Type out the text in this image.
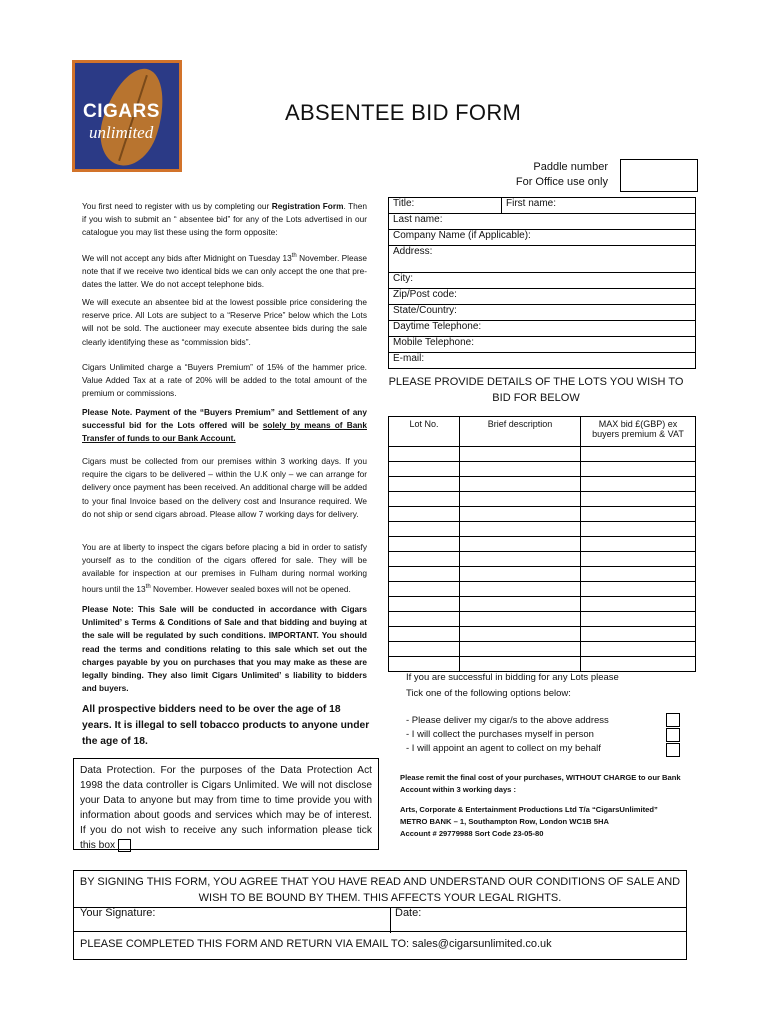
CIGARS
unlimited
ABSENTEE BID FORM
Paddle number
For Office use only
You first need to register with us by completing our Registration Form. Then if you wish to submit an “ absentee bid” for any of the Lots advertised in our catalogue you may list these using the form opposite:
We will not accept any bids after Midnight on Tuesday 13th November. Please note that if we receive two identical bids we can only accept the one that pre-dates the latter. We do not accept telephone bids.
We will execute an absentee bid at the lowest possible price considering the reserve price. All Lots are subject to a “Reserve Price” below which the Lots will not be sold. The auctioneer may execute absentee bids during the sale clearly identifying these as “commission bids”.
Cigars Unlimited charge a “Buyers Premium” of 15% of the hammer price. Value Added Tax at a rate of 20% will be added to the total amount of the premium or commissions.
Please Note. Payment of the “Buyers Premium” and Settlement of any successful bid for the Lots offered will be solely by means of Bank Transfer of funds to our Bank Account.
Cigars must be collected from our premises within 3 working days. If you require the cigars to be delivered – within the U.K only – we can arrange for delivery once payment has been received. An additional charge will be added to your final Invoice based on the delivery cost and Insurance required. We do not ship or send cigars abroad. Please allow 7 working days for delivery.
You are at liberty to inspect the cigars before placing a bid in order to satisfy yourself as to the condition of the cigars offered for sale. They will be available for inspection at our premises in Fulham during normal working hours until the 13th November. However sealed boxes will not be opened.
Please Note: This Sale will be conducted in accordance with Cigars Unlimited’ s Terms & Conditions of Sale and that bidding and buying at the sale will be regulated by such conditions. IMPORTANT. You should read the terms and conditions relating to this sale which set out the charges payable by you on purchases that you may make as these are legally binding. They also limit Cigars Unlimited’ s liability to bidders and buyers.
All prospective bidders need to be over the age of 18 years. It is illegal to sell tobacco products to anyone under the age of 18.
Data Protection. For the purposes of the Data Protection Act 1998 the data controller is Cigars Unlimited. We will not disclose your Data to anyone but may from time to time provide you with information about goods and services which may be of interest. If you do not wish to receive any such information please tick this box
Title:	First name:
Last name:
Company Name (if Applicable):
Address:
City:
Zip/Post code:
State/Country:
Daytime Telephone:
Mobile Telephone:
E-mail:
PLEASE PROVIDE DETAILS OF THE LOTS YOU WISH TO BID FOR BELOW
Lot No.	Brief description	MAX bid £(GBP) ex buyers premium & VAT

If you are successful in bidding for any Lots please
Tick one of the following options below:
- Please deliver my cigar/s to the above address
- I will collect the purchases myself in person
- I will appoint an agent to collect on my behalf
Please remit the final cost of your purchases, WITHOUT CHARGE to our Bank Account within 3 working days :
Arts, Corporate & Entertainment Productions Ltd T/a “CigarsUnlimited”
METRO BANK – 1, Southampton Row, London WC1B 5HA
Account # 29779988 Sort Code 23-05-80
BY SIGNING THIS FORM, YOU AGREE THAT YOU HAVE READ AND UNDERSTAND OUR CONDITIONS OF SALE AND WISH TO BE BOUND BY THEM. THIS AFFECTS YOUR LEGAL RIGHTS.
Your Signature:	Date:
PLEASE COMPLETED THIS FORM AND RETURN VIA EMAIL TO: sales@cigarsunlimited.co.uk
